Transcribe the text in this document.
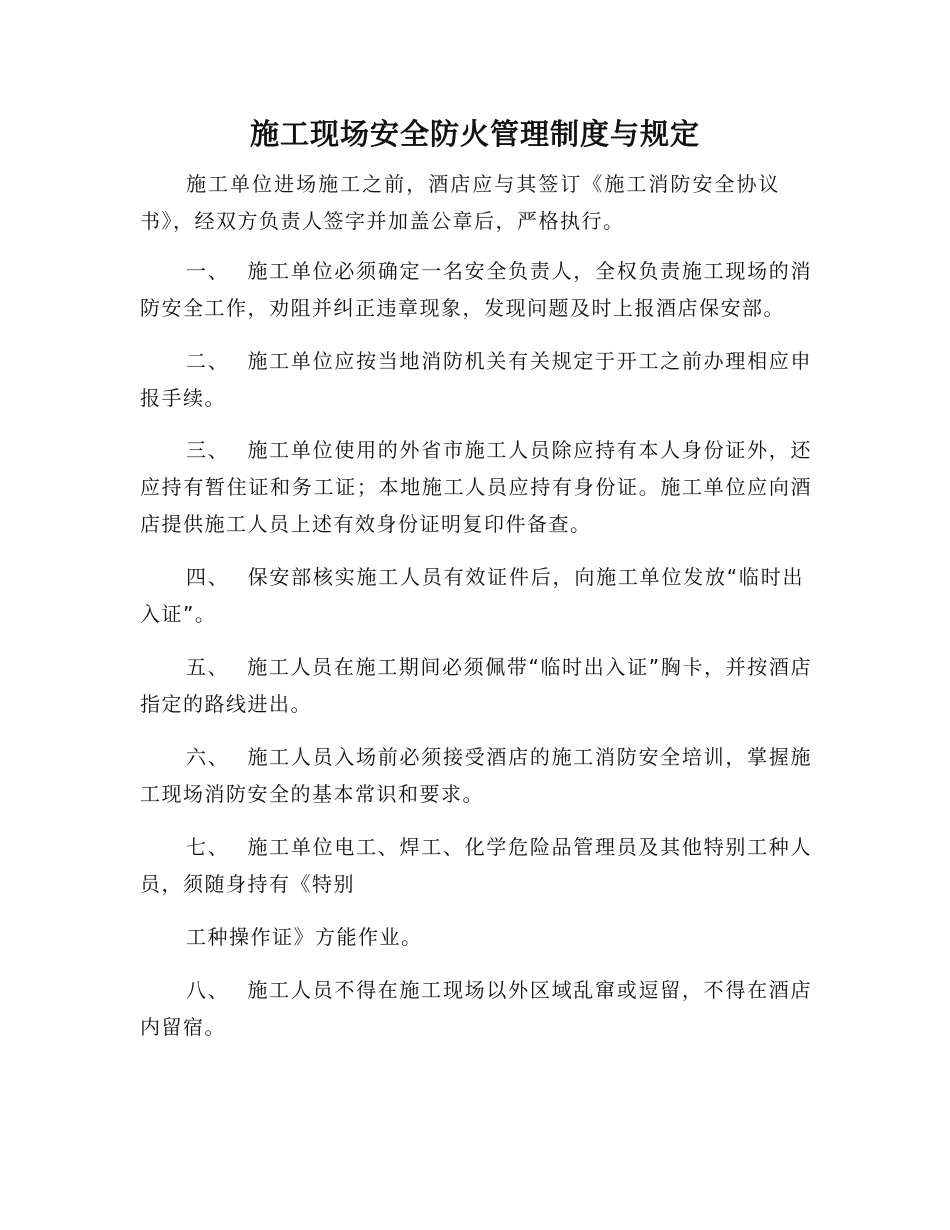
施工现场安全防火管理制度与规定

施工单位进场施工之前，酒店应与其签订《施工消防安全协议书》，经双方负责人签字并加盖公章后，严格执行。

一、 施工单位必须确定一名安全负责人，全权负责施工现场的消防安全工作，劝阻并纠正违章现象，发现问题及时上报酒店保安部。

二、 施工单位应按当地消防机关有关规定于开工之前办理相应申报手续。

三、 施工单位使用的外省市施工人员除应持有本人身份证外，还应持有暂住证和务工证；本地施工人员应持有身份证。施工单位应向酒店提供施工人员上述有效身份证明复印件备查。

四、 保安部核实施工人员有效证件后，向施工单位发放“临时出入证”。

五、 施工人员在施工期间必须佩带“临时出入证”胸卡，并按酒店指定的路线进出。

六、 施工人员入场前必须接受酒店的施工消防安全培训，掌握施工现场消防安全的基本常识和要求。

七、 施工单位电工、焊工、化学危险品管理员及其他特别工种人员，须随身持有《特别

工种操作证》方能作业。

八、 施工人员不得在施工现场以外区域乱窜或逗留，不得在酒店内留宿。
